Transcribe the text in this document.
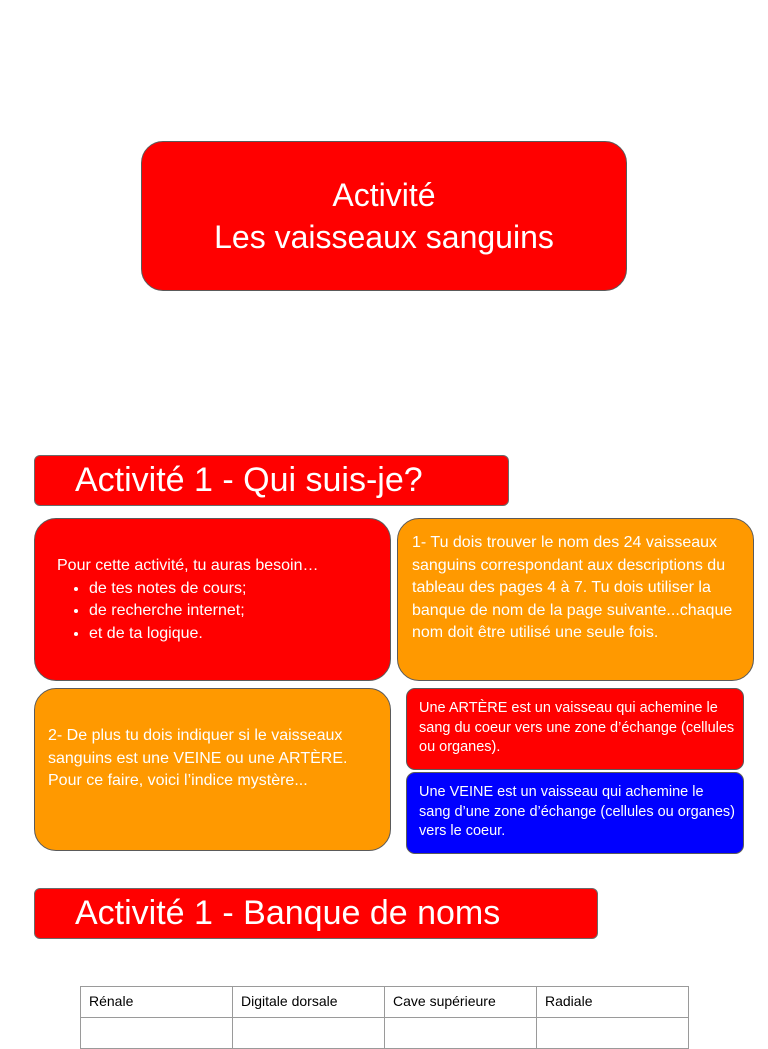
Activité
Les vaisseaux sanguins
Activité 1 - Qui suis-je?
Pour cette activité, tu auras besoin…
• de tes notes de cours;
• de recherche internet;
• et de ta logique.
1- Tu dois trouver le nom des 24 vaisseaux sanguins correspondant aux descriptions du tableau des pages 4 à 7. Tu dois utiliser la banque de nom de la page suivante...chaque nom doit être utilisé une seule fois.
2- De plus tu dois indiquer si le vaisseaux sanguins est une VEINE ou une ARTÈRE. Pour ce faire, voici l’indice mystère...
Une ARTÈRE est un vaisseau qui achemine le sang du coeur vers une zone d’échange (cellules ou organes).
Une VEINE est un vaisseau qui achemine le sang d’une zone d’échange (cellules ou organes) vers le coeur.
Activité 1 - Banque de noms
Rénale	Digitale dorsale	Cave supérieure	Radiale
